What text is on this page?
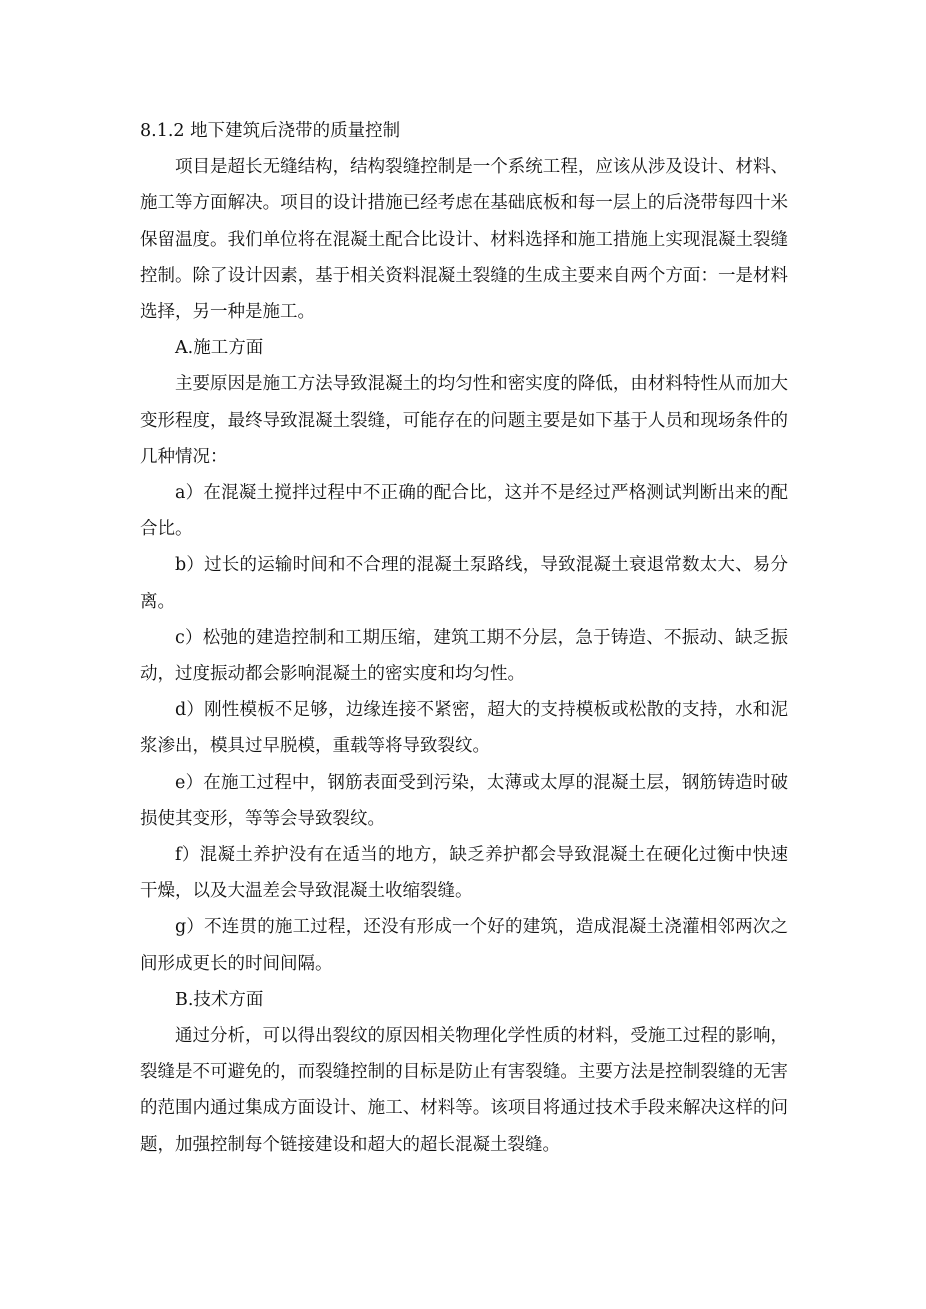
8.1.2 地下建筑后浇带的质量控制

项目是超长无缝结构，结构裂缝控制是一个系统工程，应该从涉及设计、材料、施工等方面解决。项目的设计措施已经考虑在基础底板和每一层上的后浇带每四十米保留温度。我们单位将在混凝土配合比设计、材料选择和施工措施上实现混凝土裂缝控制。除了设计因素，基于相关资料混凝土裂缝的生成主要来自两个方面：一是材料选择，另一种是施工。

A.施工方面

主要原因是施工方法导致混凝土的均匀性和密实度的降低，由材料特性从而加大变形程度，最终导致混凝土裂缝，可能存在的问题主要是如下基于人员和现场条件的几种情况：

a）在混凝土搅拌过程中不正确的配合比，这并不是经过严格测试判断出来的配合比。

b）过长的运输时间和不合理的混凝土泵路线，导致混凝土衰退常数太大、易分离。

c）松弛的建造控制和工期压缩，建筑工期不分层，急于铸造、不振动、缺乏振动，过度振动都会影响混凝土的密实度和均匀性。

d）刚性模板不足够，边缘连接不紧密，超大的支持模板或松散的支持，水和泥浆渗出，模具过早脱模，重载等将导致裂纹。

e）在施工过程中，钢筋表面受到污染，太薄或太厚的混凝土层，钢筋铸造时破损使其变形，等等会导致裂纹。

f）混凝土养护没有在适当的地方，缺乏养护都会导致混凝土在硬化过衡中快速干燥，以及大温差会导致混凝土收缩裂缝。

g）不连贯的施工过程，还没有形成一个好的建筑，造成混凝土浇灌相邻两次之间形成更长的时间间隔。

B.技术方面

通过分析，可以得出裂纹的原因相关物理化学性质的材料，受施工过程的影响，裂缝是不可避免的，而裂缝控制的目标是防止有害裂缝。主要方法是控制裂缝的无害的范围内通过集成方面设计、施工、材料等。该项目将通过技术手段来解决这样的问题，加强控制每个链接建设和超大的超长混凝土裂缝。
